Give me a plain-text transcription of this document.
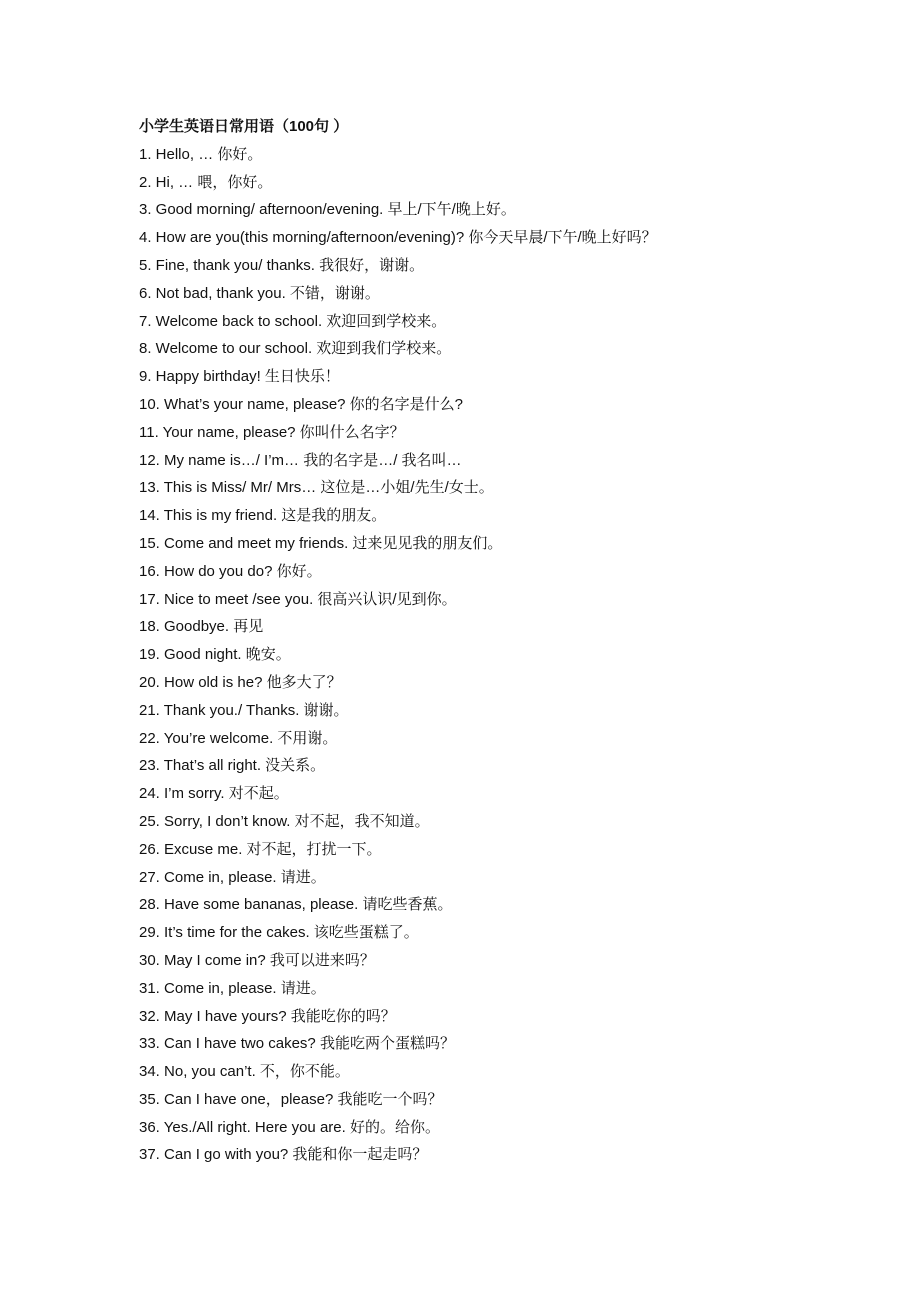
小学生英语日常用语（100句 ）
1. Hello, … 你好。
2. Hi, … 喂，你好。
3. Good morning/ afternoon/evening. 早上/下午/晚上好。
4. How are you(this morning/afternoon/evening)? 你今天早晨/下午/晚上好吗？
5. Fine, thank you/ thanks. 我很好，谢谢。
6. Not bad, thank you. 不错，谢谢。
7. Welcome back to school. 欢迎回到学校来。
8. Welcome to our school. 欢迎到我们学校来。
9. Happy birthday! 生日快乐！
10. What’s your name, please? 你的名字是什么?
11. Your name, please? 你叫什么名字？
12. My name is…/ I’m… 我的名字是…/ 我名叫…
13. This is Miss/ Mr/ Mrs… 这位是…小姐/先生/女士。
14. This is my friend. 这是我的朋友。
15. Come and meet my friends. 过来见见我的朋友们。
16. How do you do? 你好。
17. Nice to meet /see you. 很高兴认识/见到你。
18. Goodbye. 再见
19. Good night. 晚安。
20. How old is he? 他多大了？
21. Thank you./ Thanks. 谢谢。
22. You’re welcome. 不用谢。
23. That’s all right. 没关系。
24. I’m sorry. 对不起。
25. Sorry, I don’t know. 对不起，我不知道。
26. Excuse me. 对不起，打扰一下。
27. Come in, please. 请进。
28. Have some bananas, please. 请吃些香蕉。
29. It’s time for the cakes. 该吃些蛋糕了。
30. May I come in? 我可以进来吗？
31. Come in, please. 请进。
32. May I have yours? 我能吃你的吗？
33. Can I have two cakes? 我能吃两个蛋糕吗？
34. No, you can’t. 不，你不能。
35. Can I have one，please? 我能吃一个吗？
36. Yes./All right. Here you are. 好的。给你。
37. Can I go with you? 我能和你一起走吗？
